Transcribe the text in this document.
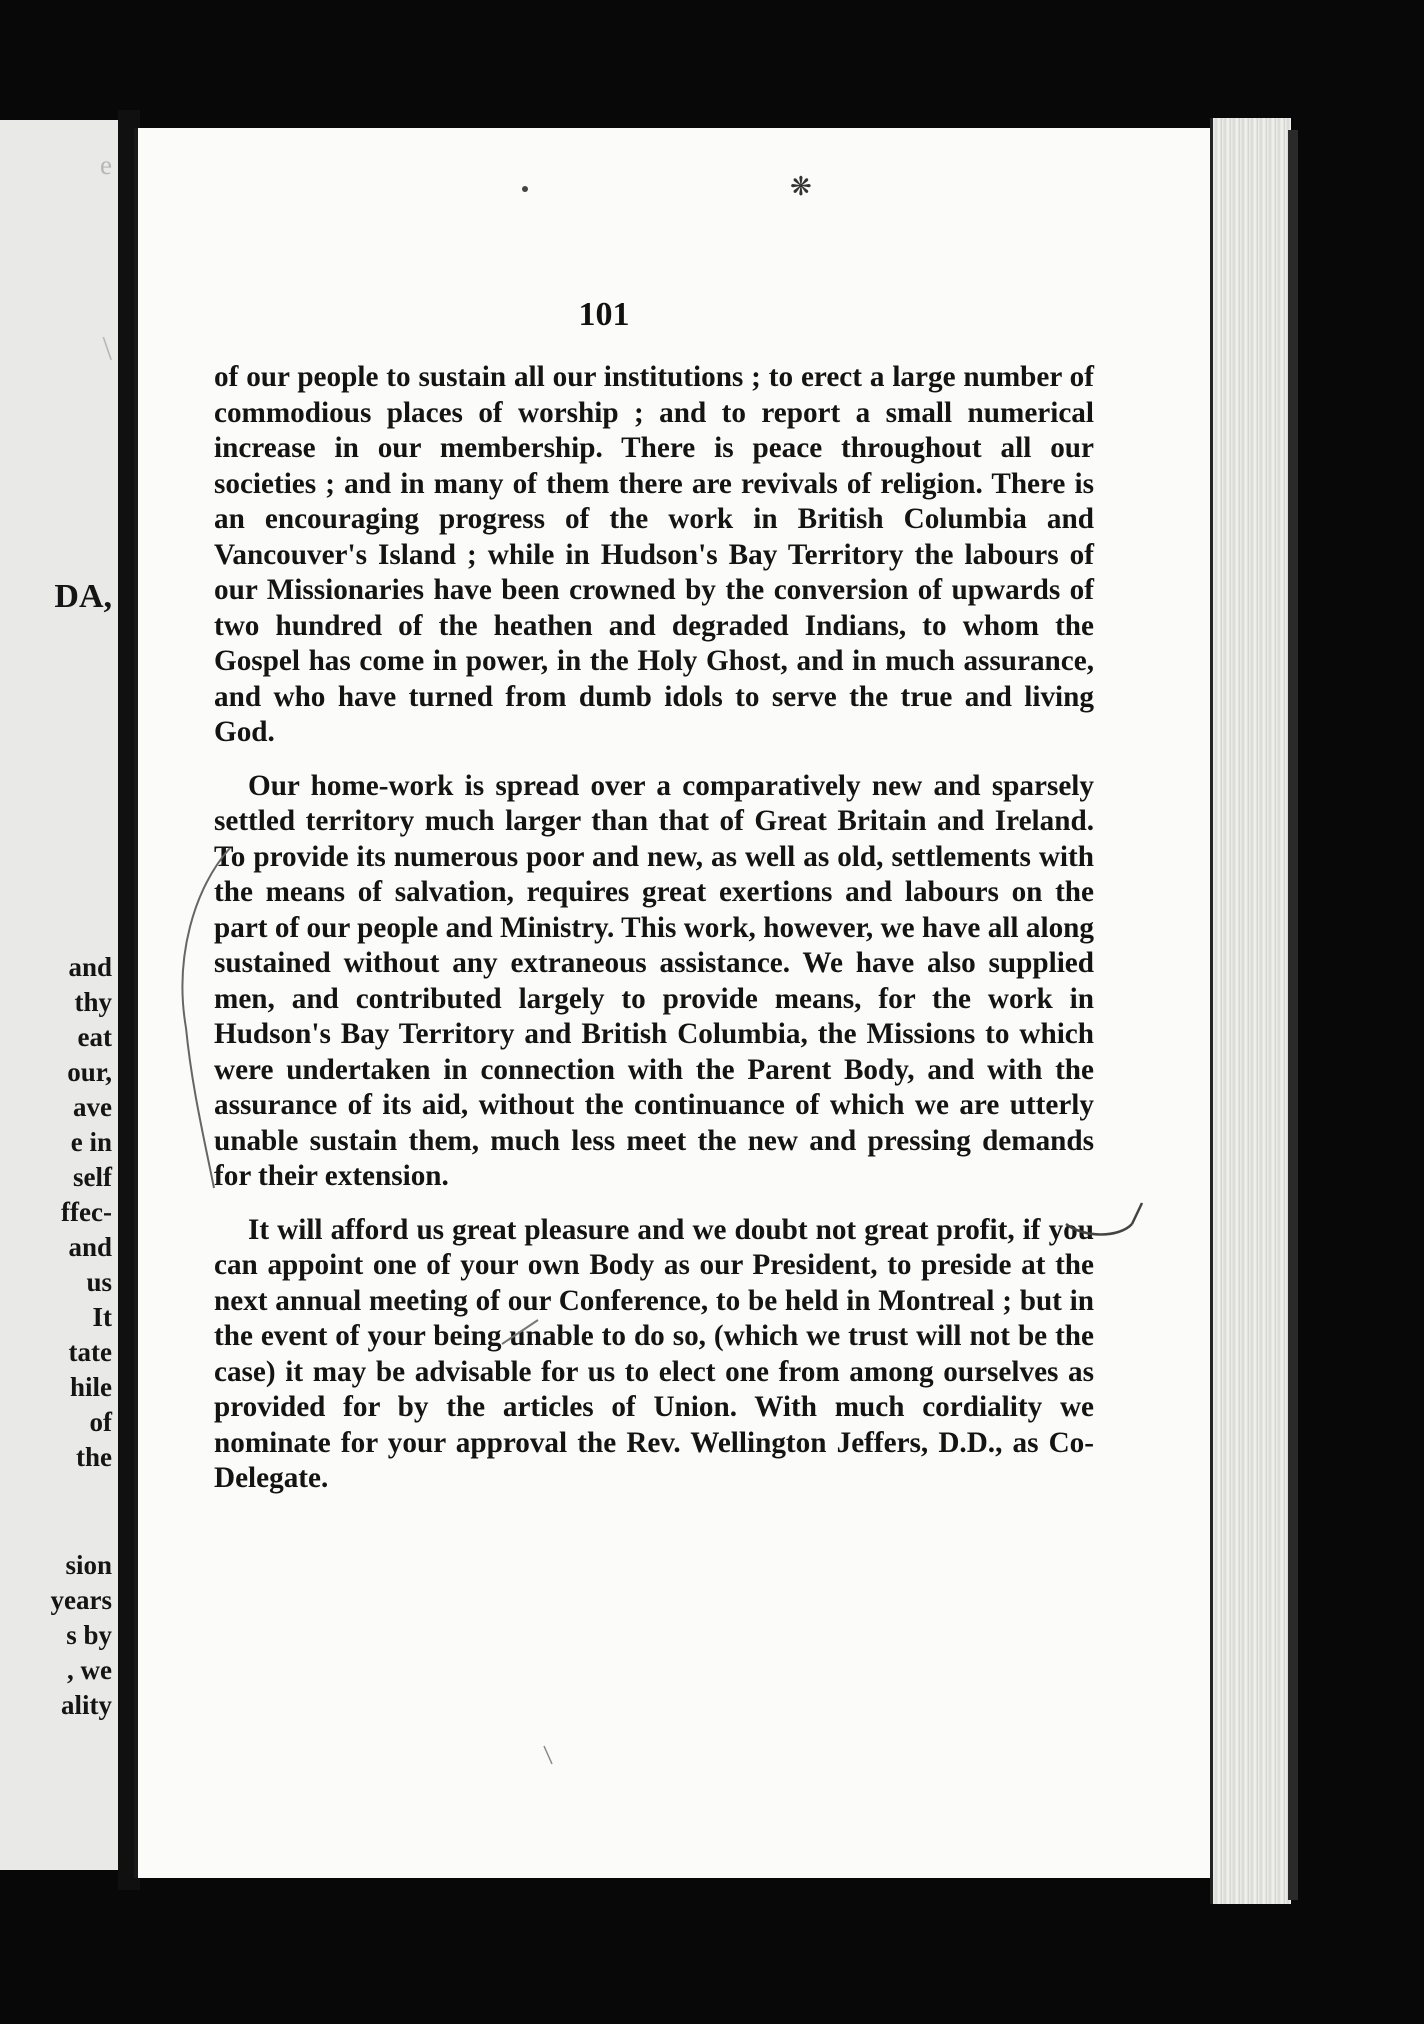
e
\
DA,
and
thy
eat
our,
ave
e in
self
ffec-
and
us
It
tate
hile
of
the
sion
years
s by
, we
ality
❋
101

of our people to sustain all our institutions ; to erect a large number of commodious places of worship ; and to report a small numerical increase in our membership. There is peace throughout all our societies ; and in many of them there are revivals of religion. There is an encouraging progress of the work in British Columbia and Vancouver's Island ; while in Hudson's Bay Territory the labours of our Missionaries have been crowned by the conversion of upwards of two hundred of the heathen and degraded Indians, to whom the Gospel has come in power, in the Holy Ghost, and in much assurance, and who have turned from dumb idols to serve the true and living God.

Our home-work is spread over a comparatively new and sparsely settled territory much larger than that of Great Britain and Ireland. To provide its numerous poor and new, as well as old, settlements with the means of salvation, requires great exertions and labours on the part of our people and Ministry. This work, however, we have all along sustained without any extraneous assistance. We have also supplied men, and contributed largely to provide means, for the work in Hudson's Bay Territory and British Columbia, the Missions to which were undertaken in connection with the Parent Body, and with the assurance of its aid, without the continuance of which we are utterly unable sustain them, much less meet the new and pressing demands for their extension.

It will afford us great pleasure and we doubt not great profit, if you can appoint one of your own Body as our President, to preside at the next annual meeting of our Conference, to be held in Montreal ; but in the event of your being unable to do so, (which we trust will not be the case) it may be advisable for us to elect one from among ourselves as provided for by the articles of Union. With much cordiality we nominate for your approval the Rev. Wellington Jeffers, D.D., as Co-Delegate.
